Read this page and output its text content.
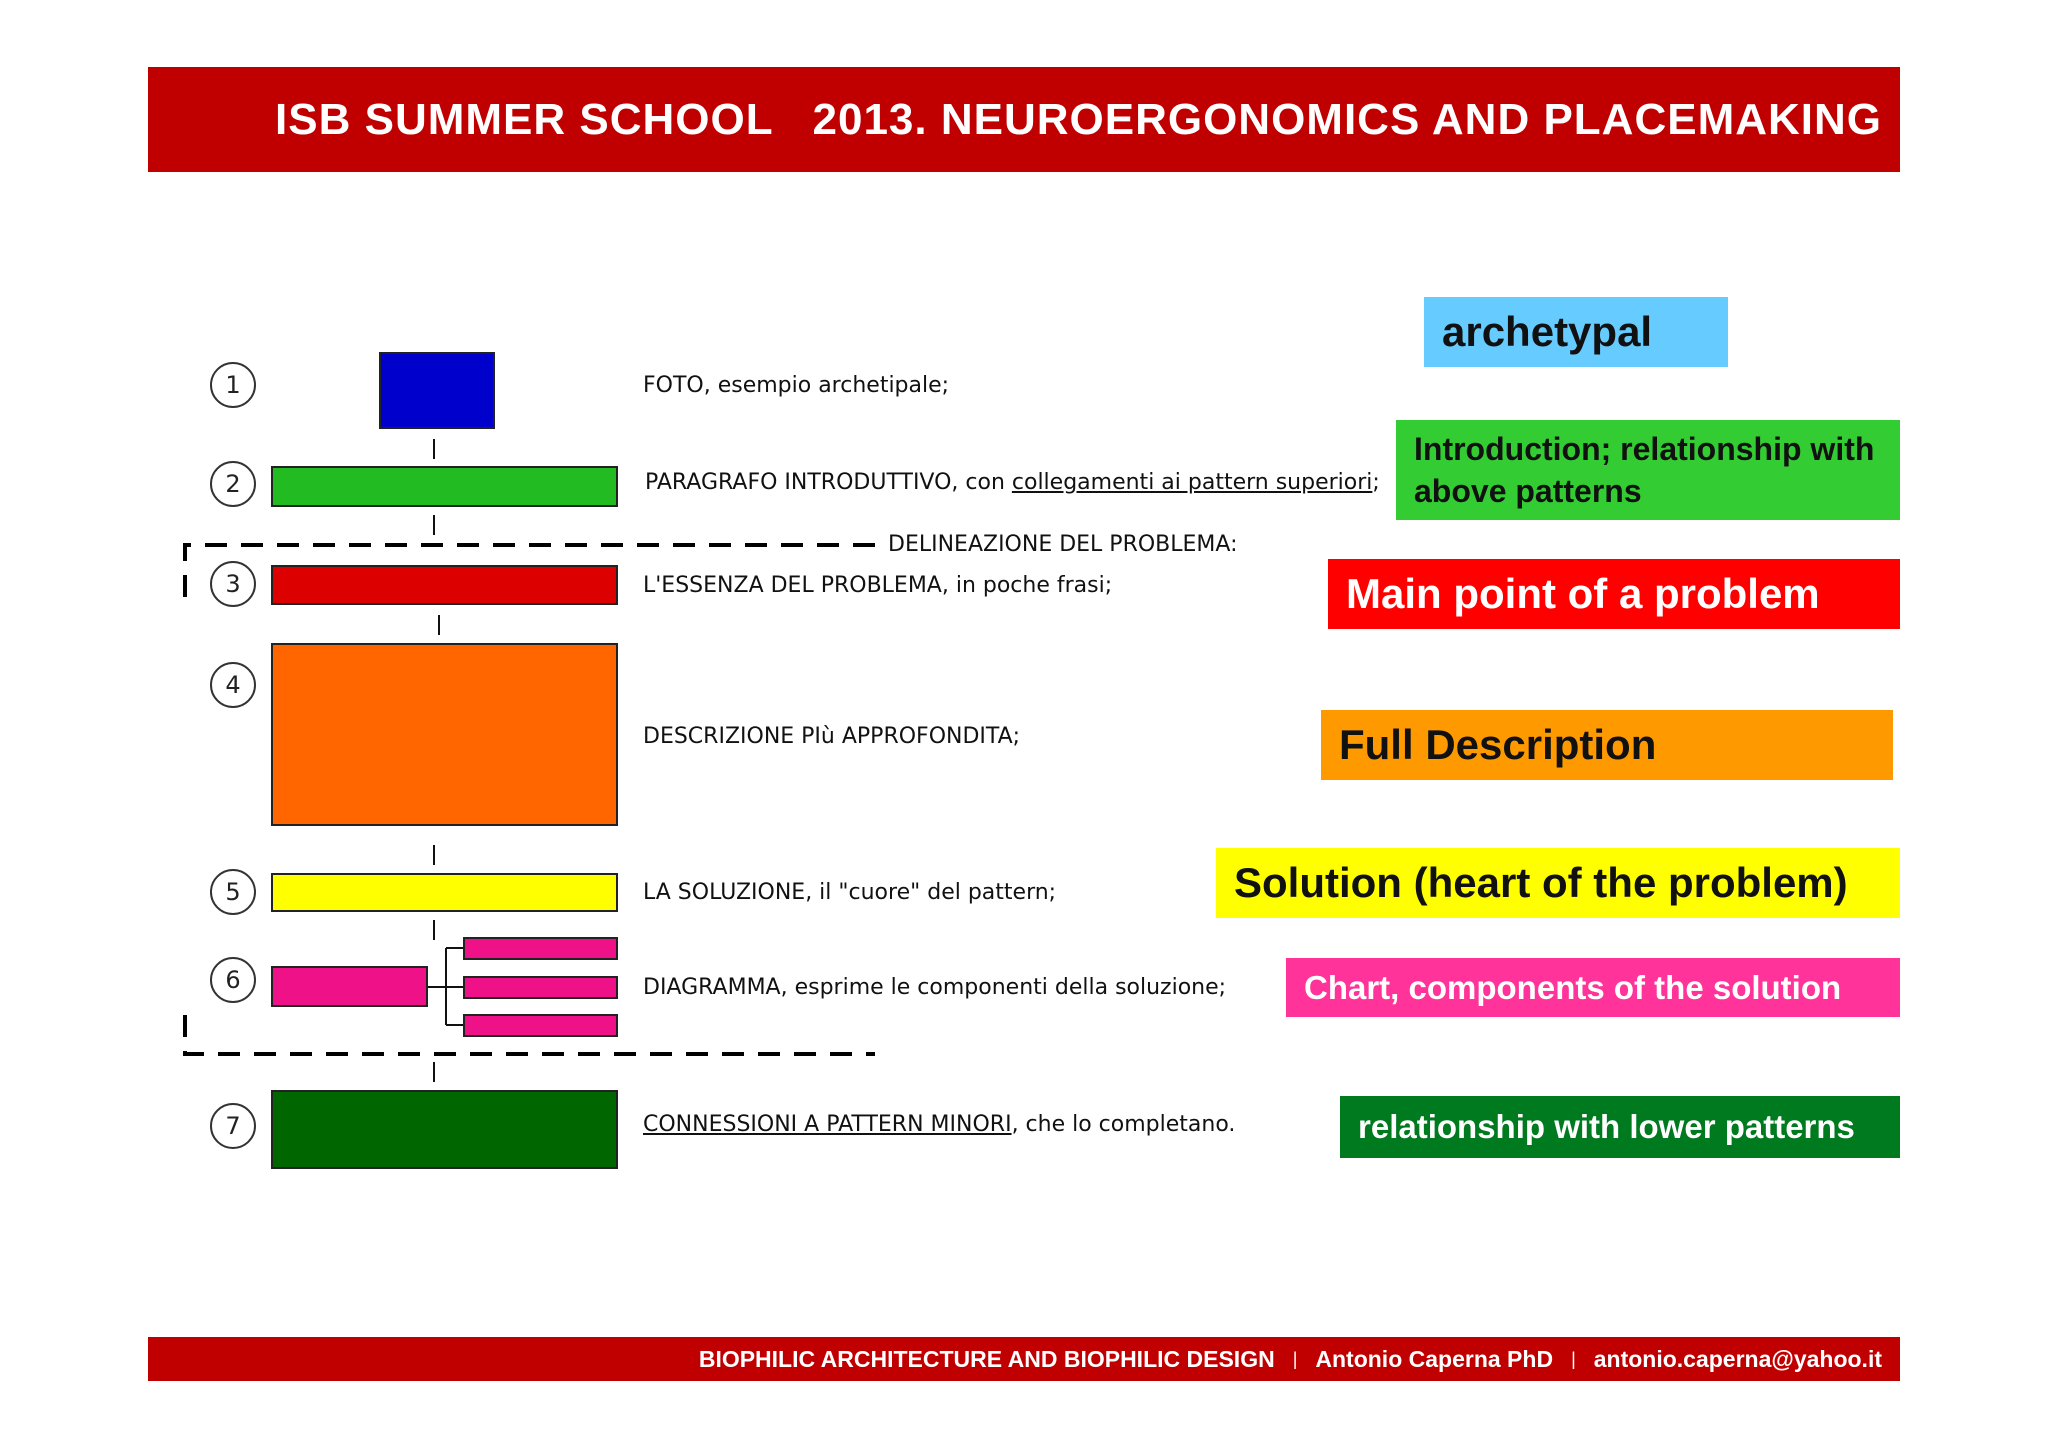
ISB SUMMER SCHOOL   2013. NEUROERGONOMICS AND PLACEMAKING
1	FOTO, esempio archetipale;
2	PARAGRAFO INTRODUTTIVO, con collegamenti ai pattern superiori;
DELINEAZIONE DEL PROBLEMA:
3	L'ESSENZA DEL PROBLEMA, in poche frasi;
4
DESCRIZIONE PIù APPROFONDITA;
5	LA SOLUZIONE, il "cuore" del pattern;
6	DIAGRAMMA, esprime le componenti della soluzione;
7	CONNESSIONI A PATTERN MINORI, che lo completano.
archetypal
Introduction; relationship with above patterns
Main point of a problem
Full Description
Solution (heart of the problem)
Chart, components of the solution
relationship with lower patterns
BIOPHILIC ARCHITECTURE AND BIOPHILIC DESIGN | Antonio Caperna PhD | antonio.caperna@yahoo.it
